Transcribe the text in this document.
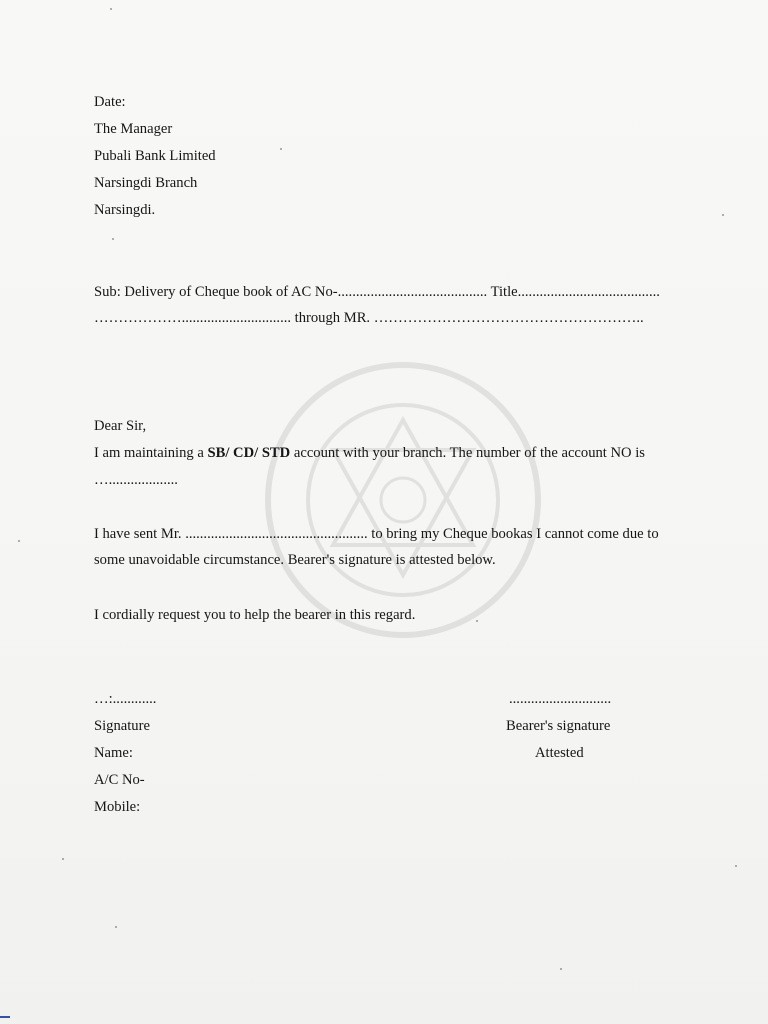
Date:
The Manager
Pubali Bank Limited
Narsingdi Branch
Narsingdi.
Sub: Delivery of Cheque book of AC No-......................................... Title.......................................
……………….............................. through MR. ………………………………………………..
Dear Sir,
I am maintaining a SB/ CD/ STD account with your branch. The number of the account NO is
…...................
I have sent Mr. .................................................. to bring my Cheque bookas I cannot come due to
some unavoidable circumstance. Bearer's signature is attested below.
I cordially request you to help the bearer in this regard.
…:............
Signature
Name:
A/C No-
Mobile:
............................
Bearer's signature
Attested
